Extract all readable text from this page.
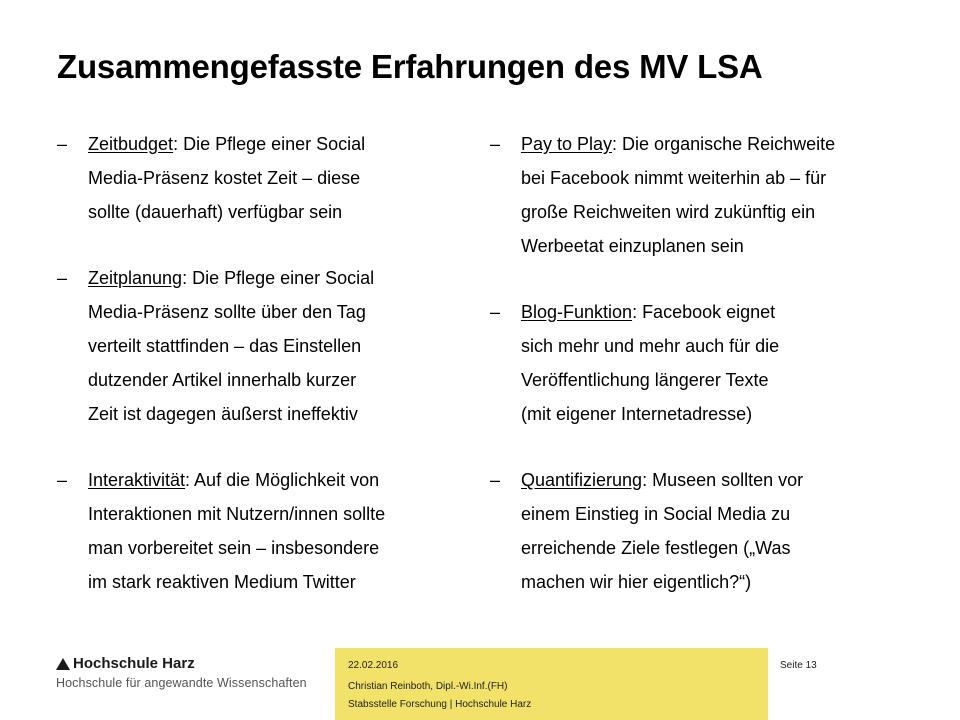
Zusammengefasste Erfahrungen des MV LSA
– Zeitbudget: Die Pflege einer Social
Media-Präsenz kostet Zeit – diese
sollte (dauerhaft) verfügbar sein
– Zeitplanung: Die Pflege einer Social
Media-Präsenz sollte über den Tag
verteilt stattfinden – das Einstellen
dutzender Artikel innerhalb kurzer
Zeit ist dagegen äußerst ineffektiv
– Interaktivität: Auf die Möglichkeit von
Interaktionen mit Nutzern/innen sollte
man vorbereitet sein – insbesondere
im stark reaktiven Medium Twitter
– Pay to Play: Die organische Reichweite
bei Facebook nimmt weiterhin ab – für
große Reichweiten wird zukünftig ein
Werbeetat einzuplanen sein
– Blog-Funktion: Facebook eignet
sich mehr und mehr auch für die
Veröffentlichung längerer Texte
(mit eigener Internetadresse)
– Quantifizierung: Museen sollten vor
einem Einstieg in Social Media zu
erreichende Ziele festlegen („Was
machen wir hier eigentlich?“)
Hochschule Harz
Hochschule für angewandte Wissenschaften
22.02.2016
Christian Reinboth, Dipl.-Wi.Inf.(FH)
Stabsstelle Forschung | Hochschule Harz
Seite 13
